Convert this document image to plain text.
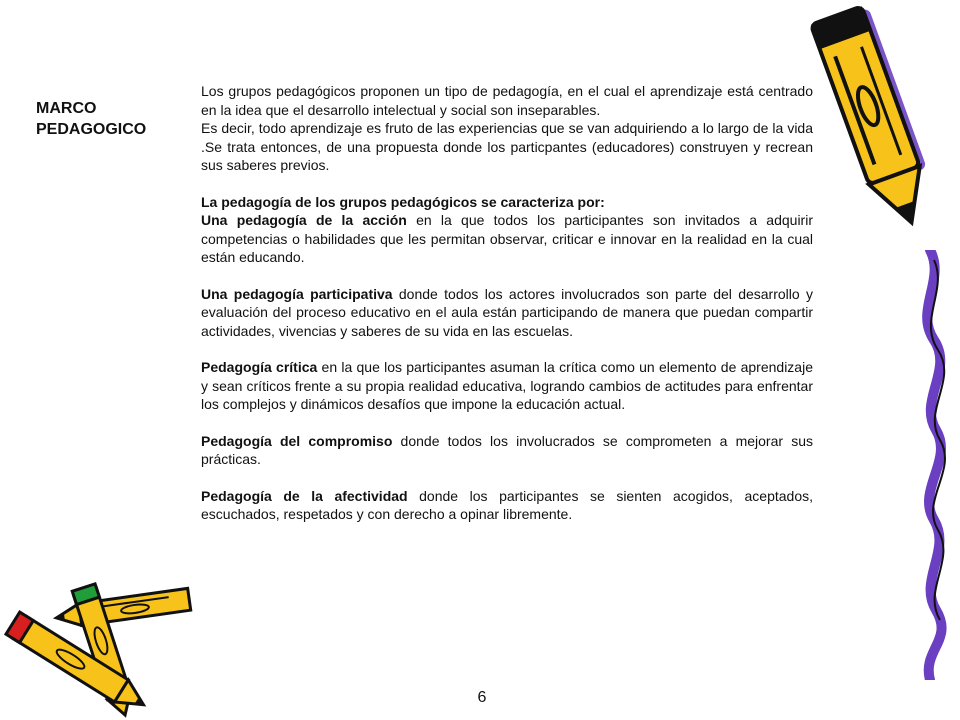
MARCO
PEDAGOGICO

Los grupos pedagógicos proponen un tipo de pedagogía, en el cual el aprendizaje está centrado en la idea que el desarrollo intelectual y social son inseparables.

Es decir, todo aprendizaje es fruto de las experiencias que se van adquiriendo a lo largo de la vida .Se trata entonces, de una propuesta donde los particpantes (educadores) construyen y recrean sus saberes previos.

La pedagogía de los grupos pedagógicos se caracteriza por:

Una pedagogía de la acción en la que todos los participantes son invitados a adquirir competencias o habilidades que les permitan observar, criticar e innovar en la realidad en la cual están educando.

Una pedagogía participativa donde todos los actores involucrados son parte del desarrollo y evaluación del proceso educativo en el aula están participando de manera que puedan compartir actividades, vivencias y saberes de su vida en las escuelas.

Pedagogía crítica en la que los participantes asuman la crítica como un elemento de aprendizaje y sean críticos frente a su propia realidad educativa, logrando cambios de actitudes para enfrentar los complejos y dinámicos desafíos que impone la educación actual.

Pedagogía del compromiso donde todos los involucrados se comprometen a mejorar sus prácticas.

Pedagogía de la afectividad donde los participantes se sienten acogidos, aceptados, escuchados, respetados y con derecho a opinar libremente.

6
